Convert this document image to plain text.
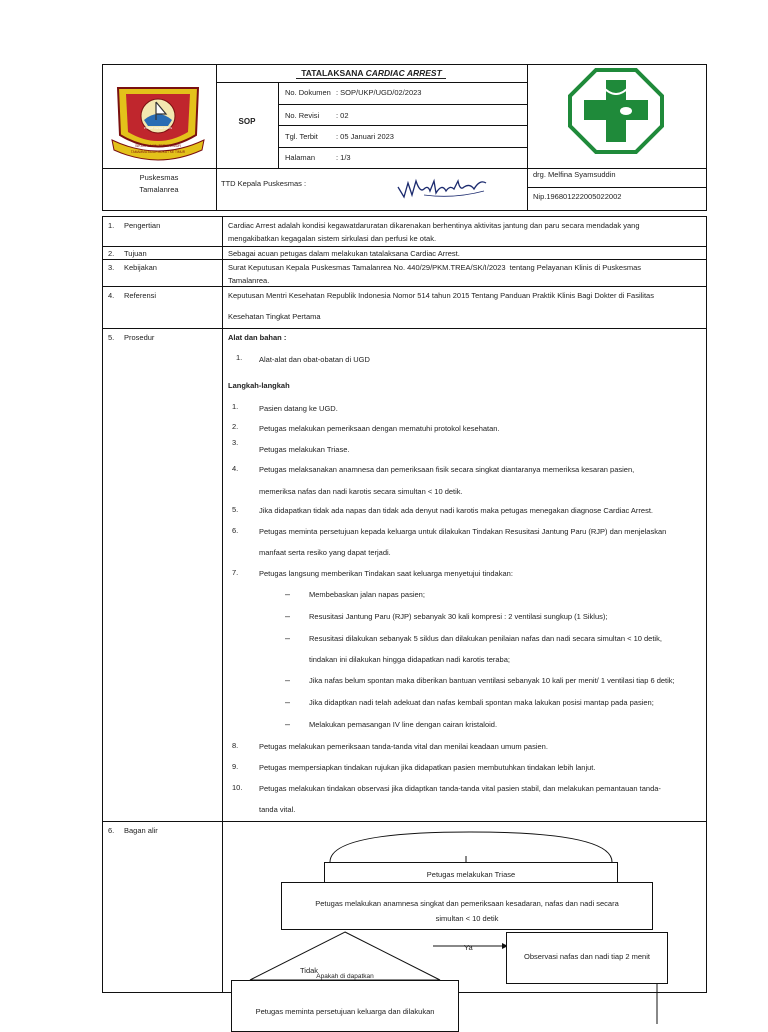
SIKOLI LAKIN TERMAKMUR
TAMAMMA BIDAH BUKUT KE TIMUR
PUSAT KESEHATAN
TATALAKSANA CARDIAC ARREST
SOP
No. Dokumen : SOP/UKP/UGD/02/2023
No. Revisi : 02
Tgl. Terbit : 05 Januari 2023
Halaman	: 1/3
Puskesmas
Tamalanrea
TTD Kepala Puskesmas :
drg. Melfina Syamsuddin
Nip.196801222005022002
1. Pengertian	Cardiac Arrest adalah kondisi kegawatdaruratan dikarenakan berhentinya aktivitas jantung dan paru secara mendadak yang
mengakibatkan kegagalan sistem sirkulasi dan perfusi ke otak.
2. Tujuan	Sebagai acuan petugas dalam melakukan tatalaksana Cardiac Arrest.
3. Kebijakan	Surat Keputusan Kepala Puskesmas Tamalanrea No. 440/29/PKM.TREA/SK/I/2023  tentang Pelayanan Klinis di Puskesmas
Tamalanrea.
4. Referensi	Keputusan Mentri Kesehatan Republik Indonesia Nomor 514 tahun 2015 Tentang Panduan Praktik Klinis Bagi Dokter di Fasilitas
Kesehatan Tingkat Pertama
5. Prosedur	Alat dan bahan :
1. Alat-alat dan obat-obatan di UGD
Langkah-langkah
1.	Pasien datang ke UGD.
2.	Petugas melakukan pemeriksaan dengan mematuhi protokol kesehatan.
3.
Petugas melakukan Triase.
4.	Petugas melaksanakan anamnesa dan pemeriksaan fisik secara singkat diantaranya memeriksa kesaran pasien,
memeriksa nafas dan nadi karotis secara simultan < 10 detik.
5.	Jika didapatkan tidak ada napas dan tidak ada denyut nadi karotis maka petugas menegakan diagnose Cardiac Arrest.
6.	Petugas meminta persetujuan kepada keluarga untuk dilakukan Tindakan Resusitasi Jantung Paru (RJP) dan menjelaskan
manfaat serta resiko yang dapat terjadi.
7.	Petugas langsung memberikan Tindakan saat keluarga menyetujui tindakan:
–	Membebaskan jalan napas pasien;
–	Resusitasi Jantung Paru (RJP) sebanyak 30 kali kompresi : 2 ventilasi sungkup (1 Siklus);
–	Resusitasi dilakukan sebanyak 5 siklus dan dilakukan penilaian nafas dan nadi secara simultan < 10 detik,
tindakan ini dilakukan hingga didapatkan nadi karotis teraba;
–	Jika nafas belum spontan maka diberikan bantuan ventilasi sebanyak 10 kali per menit/ 1 ventilasi tiap 6 detik;
–	Jika didaptkan nadi telah adekuat dan nafas kembali spontan maka lakukan posisi mantap pada pasien;
–	Melakukan pemasangan IV line dengan cairan kristaloid.
8.	Petugas melakukan pemeriksaan tanda-tanda vital dan menilai keadaan umum pasien.
9.	Petugas mempersiapkan tindakan rujukan jika didapatkan pasien membutuhkan tindakan lebih lanjut.
10. Petugas melakukan tindakan observasi jika didaptkan tanda-tanda vital pasien stabil, dan melakukan pemantauan tanda-
tanda vital.
6. Bagan alir
Petugas melakukan Triase
Petugas melakukan anamnesa singkat dan pemeriksaan kesadaran, nafas dan nadi secara
simultan < 10 detik
Ya
Observasi nafas dan nadi tiap 2 menit
Tidak
Apakah di dapatkan
Petugas meminta persetujuan keluarga dan dilakukan
